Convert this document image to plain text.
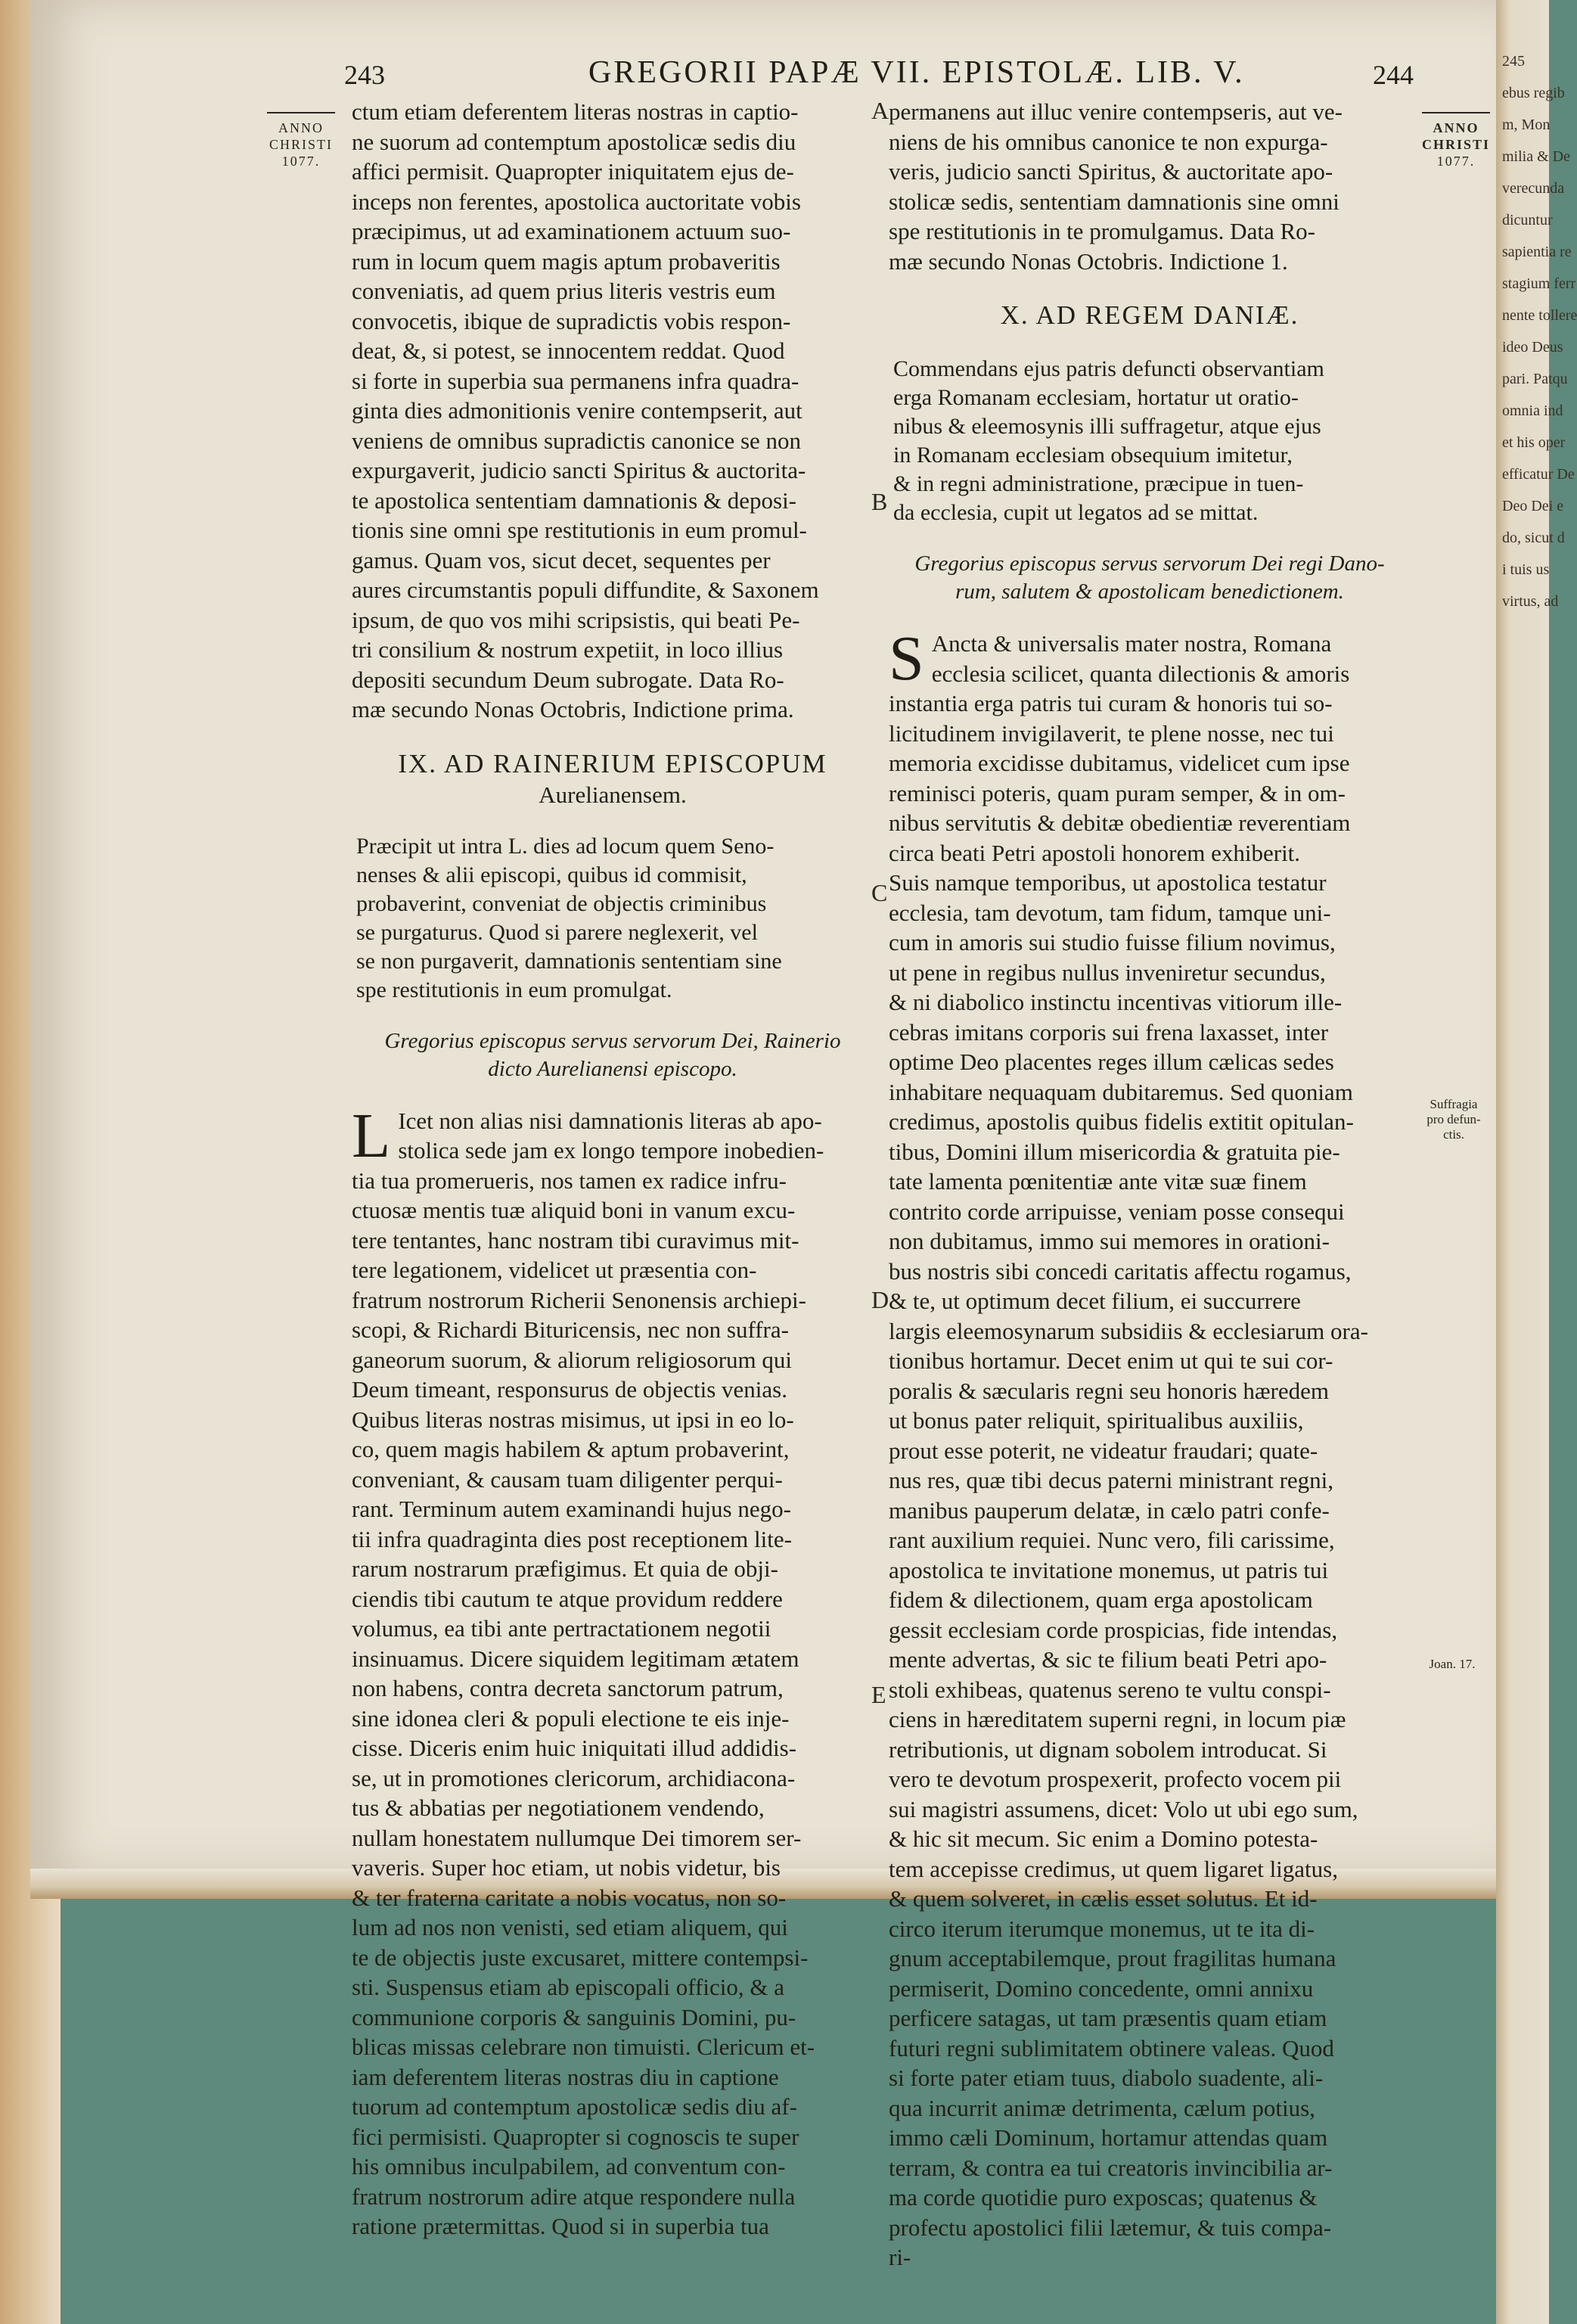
245
ebus regib
m, Mon
milia & De
verecunda
dicuntur
sapientia re
stagium ferr
nente tollere
ideo Deus
pari. Patqu
omnia ind
et his oper
efficatur De
Deo Dei e
do, sicut d
i tuis us
virtus, ad
243	GREGORII PAPÆ VII. EPISTOLÆ. LIB. V.	244
ANNO
CHRISTI
1077.
ANNO
CHRISTI
1077.
A
B
C
D
E
Suffragia
pro defun-
ctis.
Joan. 17.
ctum etiam deferentem literas nostras in captio-
ne suorum ad contemptum apostolicæ sedis diu
affici permisit. Quapropter iniquitatem ejus de-
inceps non ferentes, apostolica auctoritate vobis
præcipimus, ut ad examinationem actuum suo-
rum in locum quem magis aptum probaveritis
conveniatis, ad quem prius literis vestris eum
convocetis, ibique de supradictis vobis respon-
deat, &, si potest, se innocentem reddat. Quod
si forte in superbia sua permanens infra quadra-
ginta dies admonitionis venire contempserit, aut
veniens de omnibus supradictis canonice se non
expurgaverit, judicio sancti Spiritus & auctorita-
te apostolica sententiam damnationis & deposi-
tionis sine omni spe restitutionis in eum promul-
gamus. Quam vos, sicut decet, sequentes per
aures circumstantis populi diffundite, & Saxonem
ipsum, de quo vos mihi scripsistis, qui beati Pe-
tri consilium & nostrum expetiit, in loco illius
depositi secundum Deum subrogate. Data Ro-
mæ secundo Nonas Octobris, Indictione prima.

IX. AD RAINERIUM EPISCOPUM

Aurelianensem.

Præcipit ut intra L. dies ad locum quem Seno-
nenses & alii episcopi, quibus id commisit,
probaverint, conveniat de objectis criminibus
se purgaturus. Quod si parere neglexerit, vel
se non purgaverit, damnationis sententiam sine
spe restitutionis in eum promulgat.
Gregorius episcopus servus servorum Dei, Rainerio
dicto Aurelianensi episcopo.
L Icet non alias nisi damnationis literas ab apo-
stolica sede jam ex longo tempore inobedien-
tia tua promerueris, nos tamen ex radice infru-
ctuosæ mentis tuæ aliquid boni in vanum excu-
tere tentantes, hanc nostram tibi curavimus mit-
tere legationem, videlicet ut præsentia con-
fratrum nostrorum Richerii Senonensis archiepi-
scopi, & Richardi Bituricensis, nec non suffra-
ganeorum suorum, & aliorum religiosorum qui
Deum timeant, responsurus de objectis venias.
Quibus literas nostras misimus, ut ipsi in eo lo-
co, quem magis habilem & aptum probaverint,
conveniant, & causam tuam diligenter perqui-
rant. Terminum autem examinandi hujus nego-
tii infra quadraginta dies post receptionem lite-
rarum nostrarum præfigimus. Et quia de obji-
ciendis tibi cautum te atque providum reddere
volumus, ea tibi ante pertractationem negotii
insinuamus. Dicere siquidem legitimam ætatem
non habens, contra decreta sanctorum patrum,
sine idonea cleri & populi electione te eis inje-
cisse. Diceris enim huic iniquitati illud addidis-
se, ut in promotiones clericorum, archidiacona-
tus & abbatias per negotiationem vendendo,
nullam honestatem nullumque Dei timorem ser-
vaveris. Super hoc etiam, ut nobis videtur, bis
& ter fraterna caritate a nobis vocatus, non so-
lum ad nos non venisti, sed etiam aliquem, qui
te de objectis juste excusaret, mittere contempsi-
sti. Suspensus etiam ab episcopali officio, & a
communione corporis & sanguinis Domini, pu-
blicas missas celebrare non timuisti. Clericum et-
iam deferentem literas nostras diu in captione
tuorum ad contemptum apostolicæ sedis diu af-
fici permisisti. Quapropter si cognoscis te super
his omnibus inculpabilem, ad conventum con-
fratrum nostrorum adire atque respondere nulla
ratione prætermittas. Quod si in superbia tua
permanens aut illuc venire contempseris, aut ve-
niens de his omnibus canonice te non expurga-
veris, judicio sancti Spiritus, & auctoritate apo-
stolicæ sedis, sententiam damnationis sine omni
spe restitutionis in te promulgamus. Data Ro-
mæ secundo Nonas Octobris. Indictione 1.

X. AD REGEM DANIÆ.

Commendans ejus patris defuncti observantiam
erga Romanam ecclesiam, hortatur ut oratio-
nibus & eleemosynis illi suffragetur, atque ejus
in Romanam ecclesiam obsequium imitetur,
& in regni administratione, præcipue in tuen-
da ecclesia, cupit ut legatos ad se mittat.
Gregorius episcopus servus servorum Dei regi Dano-
rum, salutem & apostolicam benedictionem.
S Ancta & universalis mater nostra, Romana
ecclesia scilicet, quanta dilectionis & amoris
instantia erga patris tui curam & honoris tui so-
licitudinem invigilaverit, te plene nosse, nec tui
memoria excidisse dubitamus, videlicet cum ipse
reminisci poteris, quam puram semper, & in om-
nibus servitutis & debitæ obedientiæ reverentiam
circa beati Petri apostoli honorem exhiberit.
Suis namque temporibus, ut apostolica testatur
ecclesia, tam devotum, tam fidum, tamque uni-
cum in amoris sui studio fuisse filium novimus,
ut pene in regibus nullus inveniretur secundus,
& ni diabolico instinctu incentivas vitiorum ille-
cebras imitans corporis sui frena laxasset, inter
optime Deo placentes reges illum cælicas sedes
inhabitare nequaquam dubitaremus. Sed quoniam
credimus, apostolis quibus fidelis extitit opitulan-
tibus, Domini illum misericordia & gratuita pie-
tate lamenta pœnitentiæ ante vitæ suæ finem
contrito corde arripuisse, veniam posse consequi
non dubitamus, immo sui memores in orationi-
bus nostris sibi concedi caritatis affectu rogamus,
& te, ut optimum decet filium, ei succurrere
largis eleemosynarum subsidiis & ecclesiarum ora-
tionibus hortamur. Decet enim ut qui te sui cor-
poralis & sæcularis regni seu honoris hæredem
ut bonus pater reliquit, spiritualibus auxiliis,
prout esse poterit, ne videatur fraudari; quate-
nus res, quæ tibi decus paterni ministrant regni,
manibus pauperum delatæ, in cælo patri confe-
rant auxilium requiei. Nunc vero, fili carissime,
apostolica te invitatione monemus, ut patris tui
fidem & dilectionem, quam erga apostolicam
gessit ecclesiam corde prospicias, fide intendas,
mente advertas, & sic te filium beati Petri apo-
stoli exhibeas, quatenus sereno te vultu conspi-
ciens in hæreditatem superni regni, in locum piæ
retributionis, ut dignam sobolem introducat. Si
vero te devotum prospexerit, profecto vocem pii
sui magistri assumens, dicet: Volo ut ubi ego sum,
& hic sit mecum. Sic enim a Domino potesta-
tem accepisse credimus, ut quem ligaret ligatus,
& quem solveret, in cælis esset solutus. Et id-
circo iterum iterumque monemus, ut te ita di-
gnum acceptabilemque, prout fragilitas humana
permiserit, Domino concedente, omni annixu
perficere satagas, ut tam præsentis quam etiam
futuri regni sublimitatem obtinere valeas. Quod
si forte pater etiam tuus, diabolo suadente, ali-
qua incurrit animæ detrimenta, cælum potius,
immo cæli Dominum, hortamur attendas quam
terram, & contra ea tui creatoris invincibilia ar-
ma corde quotidie puro exposcas; quatenus &
profectu apostolici filii lætemur, & tuis compa-
ri-
